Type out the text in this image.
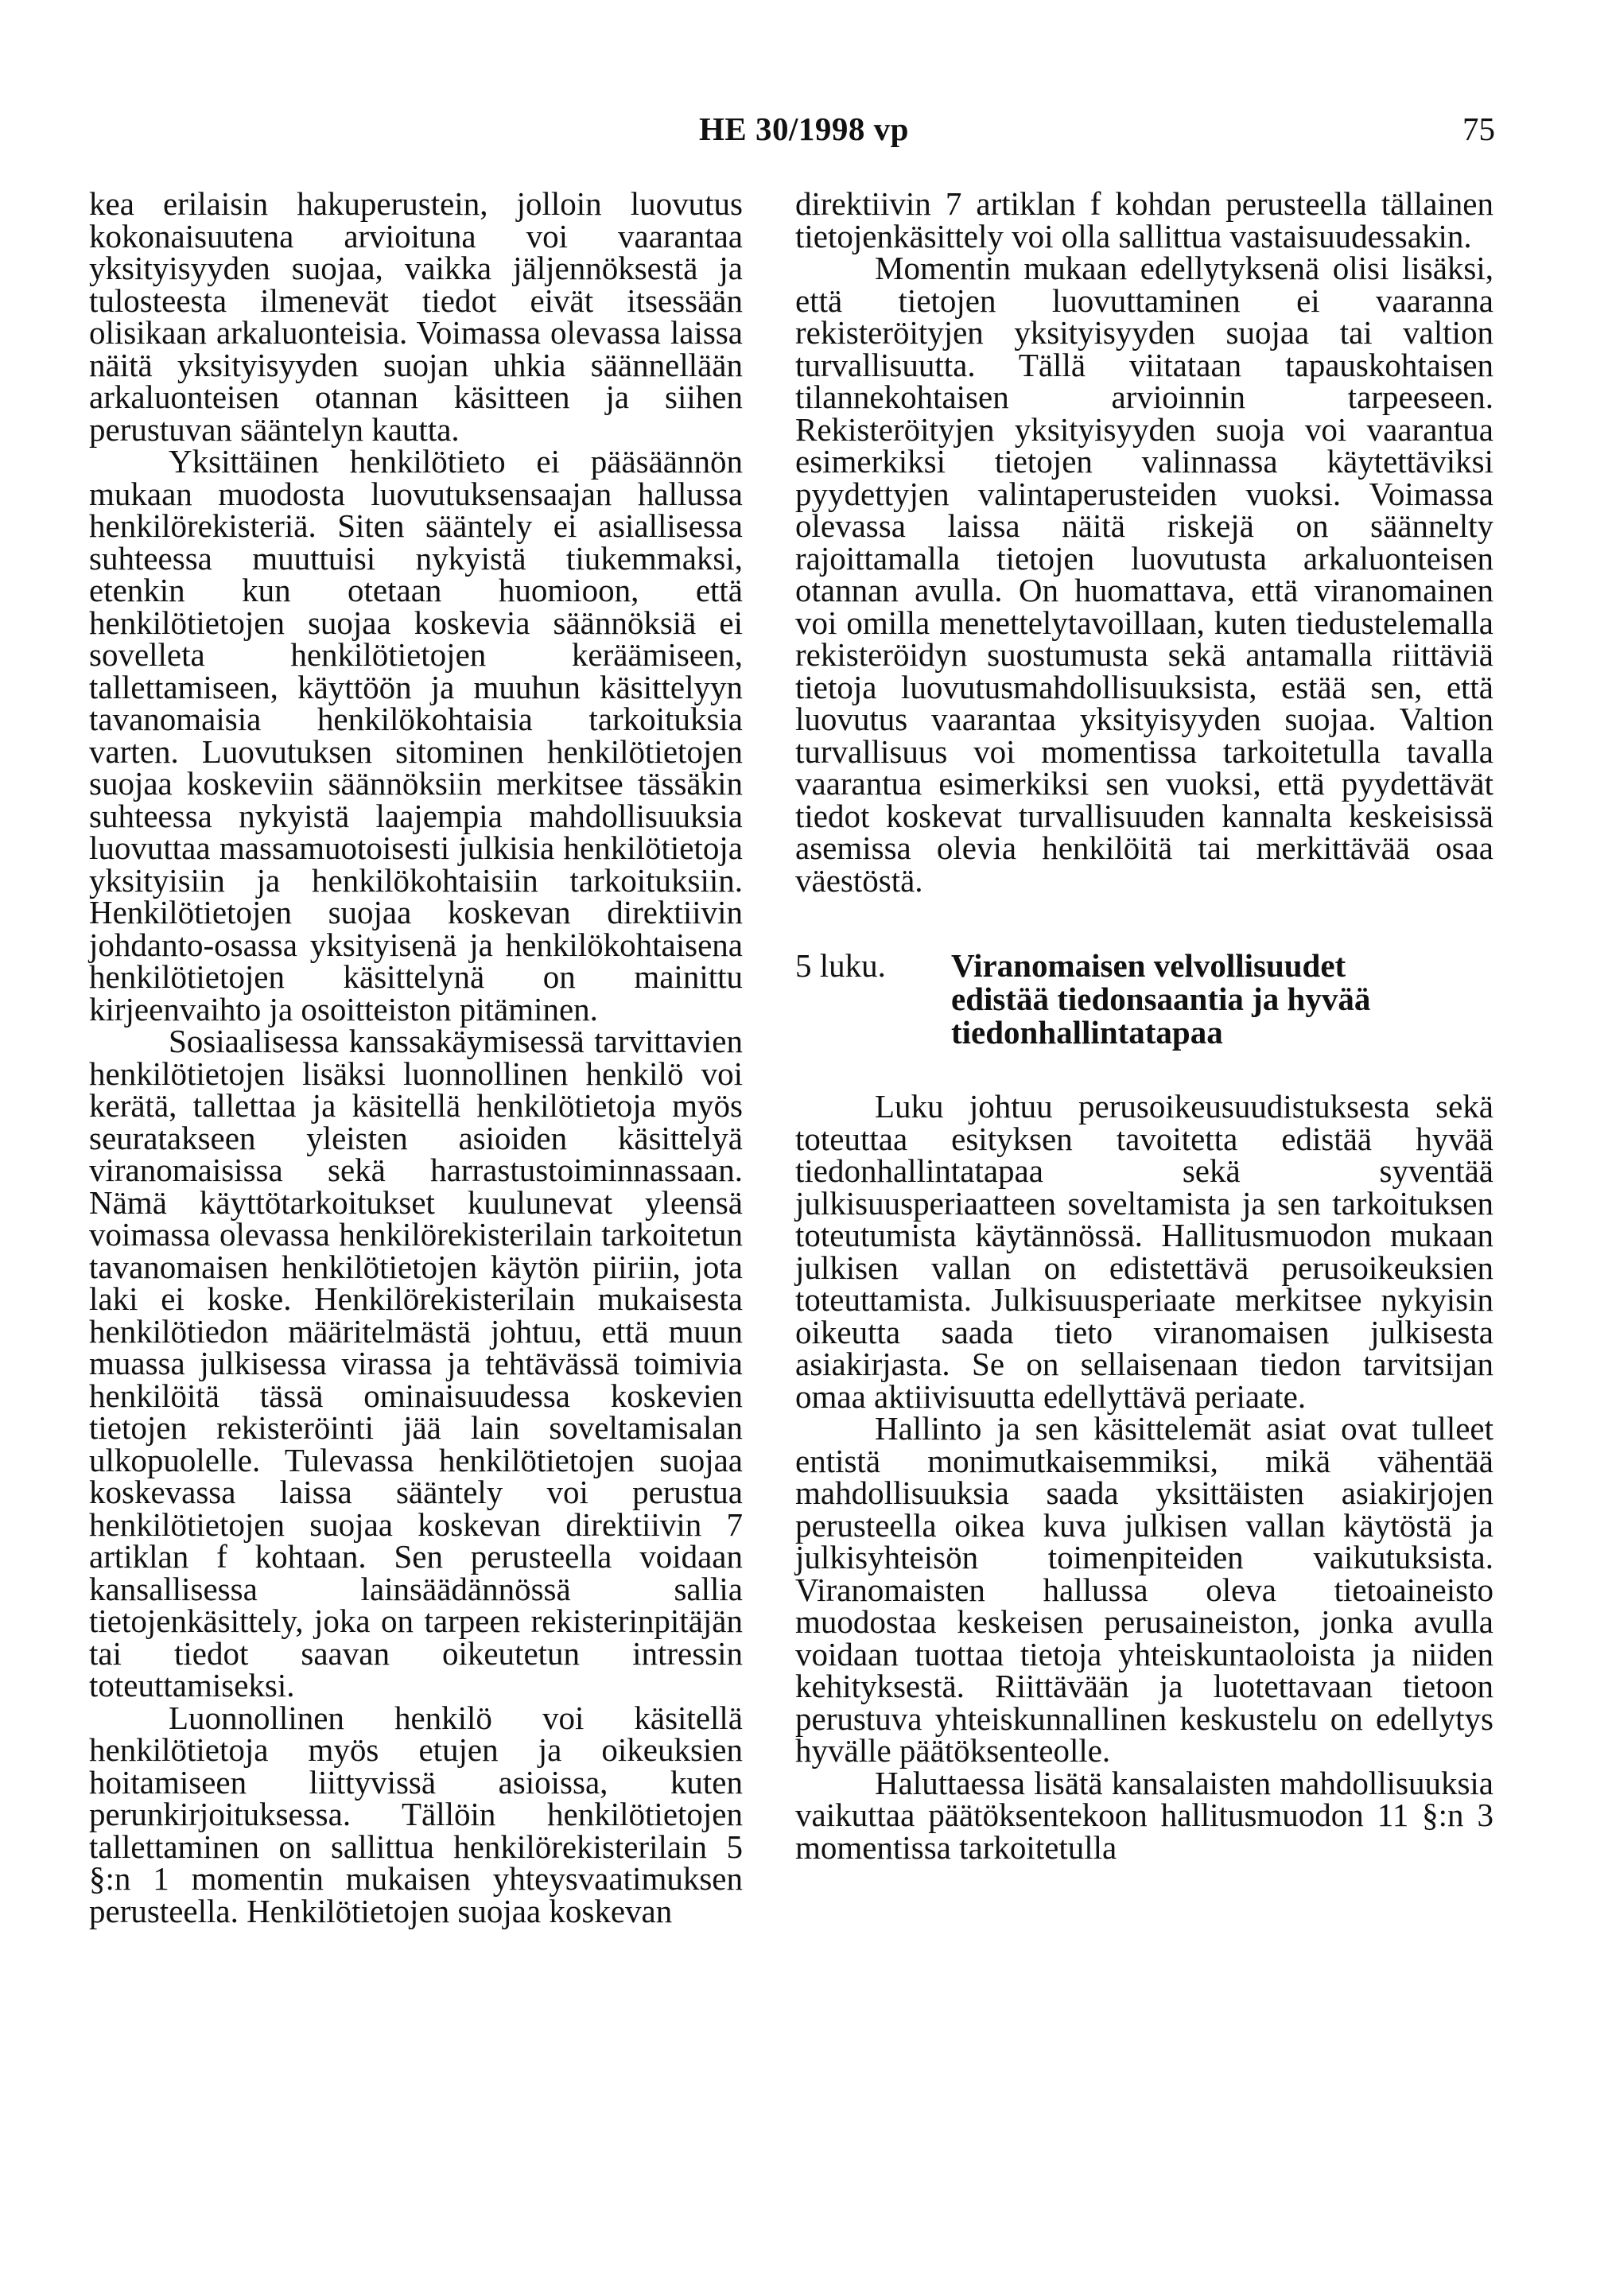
HE 30/1998 vp	75

kea erilaisin hakuperustein, jolloin luovutus kokonaisuutena arvioituna voi vaarantaa yksityisyyden suojaa, vaikka jäljennöksestä ja tulosteesta ilmenevät tiedot eivät itsessään olisikaan arkaluonteisia. Voimassa olevassa laissa näitä yksityisyyden suojan uhkia säännellään arkaluonteisen otannan käsitteen ja siihen perustuvan sääntelyn kautta.

Yksittäinen henkilötieto ei pääsäännön mukaan muodosta luovutuksensaajan hallussa henkilörekisteriä. Siten sääntely ei asiallisessa suhteessa muuttuisi nykyistä tiukemmaksi, etenkin kun otetaan huomioon, että henkilötietojen suojaa koskevia säännöksiä ei sovelleta henkilötietojen keräämiseen, tallettamiseen, käyttöön ja muuhun käsittelyyn tavanomaisia henkilökohtaisia tarkoituksia varten. Luovutuksen sitominen henkilötietojen suojaa koskeviin säännöksiin merkitsee tässäkin suhteessa nykyistä laajempia mahdollisuuksia luovuttaa massamuotoisesti julkisia henkilötietoja yksityisiin ja henkilökohtaisiin tarkoituksiin. Henkilötietojen suojaa koskevan direktiivin johdanto-osassa yksityisenä ja henkilökohtaisena henkilötietojen käsittelynä on mainittu kirjeenvaihto ja osoitteiston pitäminen.

Sosiaalisessa kanssakäymisessä tarvittavien henkilötietojen lisäksi luonnollinen henkilö voi kerätä, tallettaa ja käsitellä henkilötietoja myös seuratakseen yleisten asioiden käsittelyä viranomaisissa sekä harrastustoiminnassaan. Nämä käyttötarkoitukset kuulunevat yleensä voimassa olevassa henkilörekisterilain tarkoitetun tavanomaisen henkilötietojen käytön piiriin, jota laki ei koske. Henkilörekisterilain mukaisesta henkilötiedon määritelmästä johtuu, että muun muassa julkisessa virassa ja tehtävässä toimivia henkilöitä tässä ominaisuudessa koskevien tietojen rekisteröinti jää lain soveltamisalan ulkopuolelle. Tulevassa henkilötietojen suojaa koskevassa laissa sääntely voi perustua henkilötietojen suojaa koskevan direktiivin 7 artiklan f kohtaan. Sen perusteella voidaan kansallisessa lainsäädännössä sallia tietojenkäsittely, joka on tarpeen rekisterinpitäjän tai tiedot saavan oikeutetun intressin toteuttamiseksi.

Luonnollinen henkilö voi käsitellä henkilötietoja myös etujen ja oikeuksien hoitamiseen liittyvissä asioissa, kuten perunkirjoituksessa. Tällöin henkilötietojen tallettaminen on sallittua henkilörekisterilain 5 §:n 1 momentin mukaisen yhteysvaatimuksen perusteella. Henkilötietojen suojaa koskevan

direktiivin 7 artiklan f kohdan perusteella tällainen tietojenkäsittely voi olla sallittua vastaisuudessakin.

Momentin mukaan edellytyksenä olisi lisäksi, että tietojen luovuttaminen ei vaaranna rekisteröityjen yksityisyyden suojaa tai valtion turvallisuutta. Tällä viitataan tapauskohtaisen tilannekohtaisen arvioinnin tarpeeseen. Rekisteröityjen yksityisyyden suoja voi vaarantua esimerkiksi tietojen valinnassa käytettäviksi pyydettyjen valintaperusteiden vuoksi. Voimassa olevassa laissa näitä riskejä on säännelty rajoittamalla tietojen luovutusta arkaluonteisen otannan avulla. On huomattava, että viranomainen voi omilla menettelytavoillaan, kuten tiedustelemalla rekisteröidyn suostumusta sekä antamalla riittäviä tietoja luovutusmahdollisuuksista, estää sen, että luovutus vaarantaa yksityisyyden suojaa. Valtion turvallisuus voi momentissa tarkoitetulla tavalla vaarantua esimerkiksi sen vuoksi, että pyydettävät tiedot koskevat turvallisuuden kannalta keskeisissä asemissa olevia henkilöitä tai merkittävää osaa väestöstä.

5 luku.	Viranomaisen velvollisuudet edistää tiedonsaantia ja hyvää tiedonhallintatapaa

Luku johtuu perusoikeusuudistuksesta sekä toteuttaa esityksen tavoitetta edistää hyvää tiedonhallintatapaa sekä syventää julkisuusperiaatteen soveltamista ja sen tarkoituksen toteutumista käytännössä. Hallitusmuodon mukaan julkisen vallan on edistettävä perusoikeuksien toteuttamista. Julkisuusperiaate merkitsee nykyisin oikeutta saada tieto viranomaisen julkisesta asiakirjasta. Se on sellaisenaan tiedon tarvitsijan omaa aktiivisuutta edellyttävä periaate.

Hallinto ja sen käsittelemät asiat ovat tulleet entistä monimutkaisemmiksi, mikä vähentää mahdollisuuksia saada yksittäisten asiakirjojen perusteella oikea kuva julkisen vallan käytöstä ja julkisyhteisön toimenpiteiden vaikutuksista. Viranomaisten hallussa oleva tietoaineisto muodostaa keskeisen perusaineiston, jonka avulla voidaan tuottaa tietoja yhteiskuntaoloista ja niiden kehityksestä. Riittävään ja luotettavaan tietoon perustuva yhteiskunnallinen keskustelu on edellytys hyvälle päätöksenteolle.

Haluttaessa lisätä kansalaisten mahdollisuuksia vaikuttaa päätöksentekoon hallitusmuodon 11 §:n 3 momentissa tarkoitetulla
